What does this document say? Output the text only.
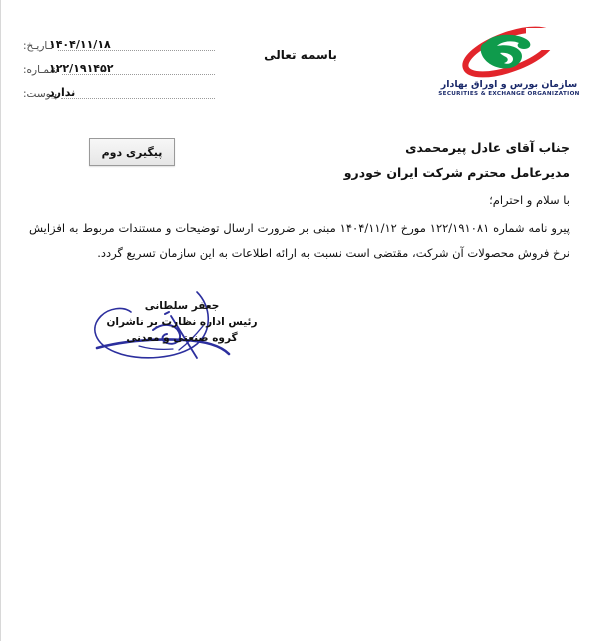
سازمان بورس و اوراق بهادار
SECURITIES & EXCHANGE ORGANIZATION
باسمه تعالی
تـاریـخ:
۱۴۰۴/۱۱/۱۸
شمـاره:
۱۲۲/۱۹۱۴۵۲
پیوست:
ندارد
پیگیری دوم	جناب آقای عادل پیرمحمدی
مدیرعامل محترم شرکت ایران خودرو
با سلام و احترام؛

پیرو نامه شماره ۱۲۲/۱۹۱۰۸۱ مورخ ۱۴۰۴/۱۱/۱۲ مبنی بر ضرورت ارسال توضیحات و مستندات مربوط به افزایش نرخ فروش محصولات آن شرکت، مقتضی است نسبت به ارائه اطلاعات به این سازمان تسریع گردد.

جعفر سلطانی
رئیس اداره نظارت بر ناشران
گروه صنعتی و معدنی
